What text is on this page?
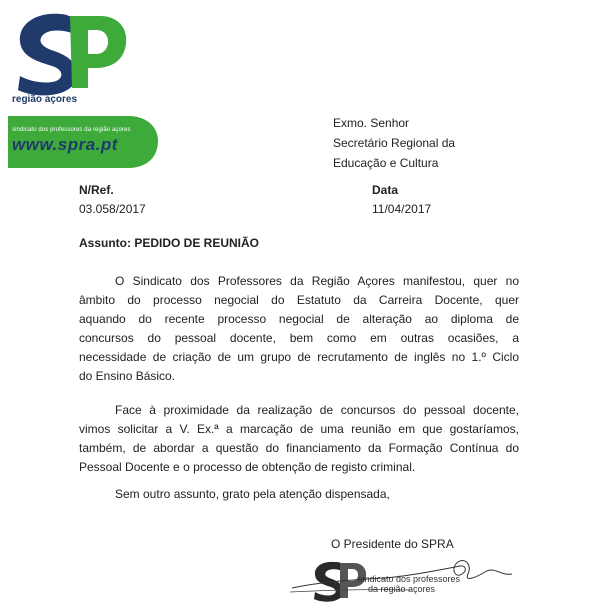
região açores
sindicato dos professores da região açores
www.spra.pt
Exmo. Senhor
Secretário Regional da
Educação e Cultura
N/Ref.
03.058/2017
Data
11/04/2017
Assunto: PEDIDO DE REUNIÃO
O Sindicato dos Professores da Região Açores manifestou, quer no
âmbito do processo negocial do Estatuto da Carreira Docente, quer
aquando do recente processo negocial de alteração ao diploma de
concursos do pessoal docente, bem como em outras ocasiões, a
necessidade de criação de um grupo de recrutamento de inglês no 1.º Ciclo
do Ensino Básico.
Face à proximidade da realização de concursos do pessoal docente,
vimos solicitar a V. Ex.ª a marcação de uma reunião em que gostaríamos,
também, de abordar a questão do financiamento da Formação Contínua do
Pessoal Docente e o processo de obtenção de registo criminal.
Sem outro assunto, grato pela atenção dispensada,
O Presidente do SPRA
sindicato dos professores
da região açores
